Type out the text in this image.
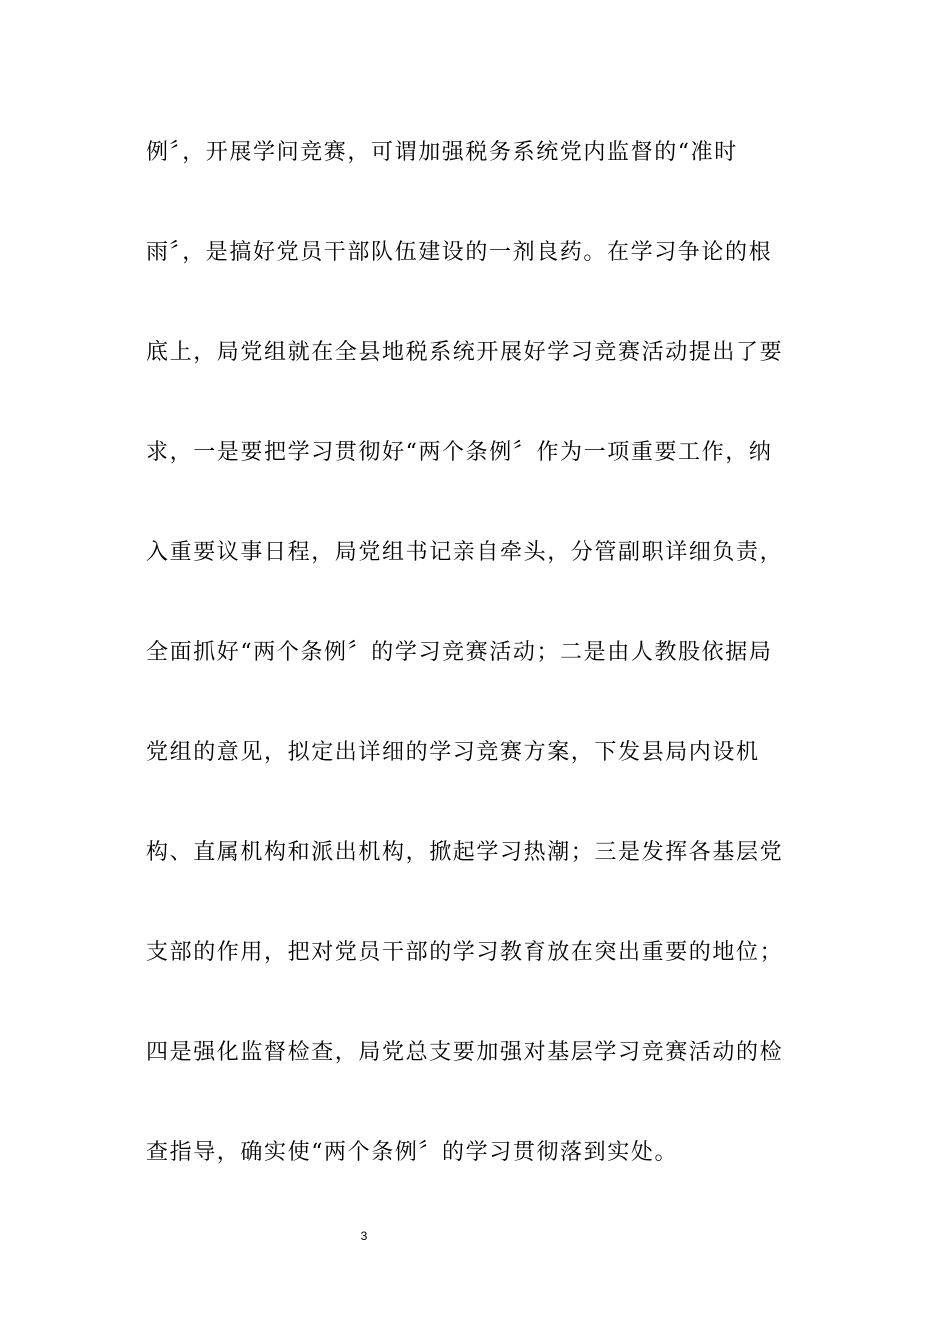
例〞，开展学问竞赛，可谓加强税务系统党内监督的“准时
雨〞，是搞好党员干部队伍建设的一剂良药。在学习争论的根
底上，局党组就在全县地税系统开展好学习竞赛活动提出了要
求，一是要把学习贯彻好“两个条例〞作为一项重要工作，纳
入重要议事日程，局党组书记亲自牵头，分管副职详细负责，
全面抓好“两个条例〞的学习竞赛活动；二是由人教股依据局
党组的意见，拟定出详细的学习竞赛方案，下发县局内设机
构、直属机构和派出机构，掀起学习热潮；三是发挥各基层党
支部的作用，把对党员干部的学习教育放在突出重要的地位；
四是强化监督检查，局党总支要加强对基层学习竞赛活动的检
查指导，确实使“两个条例〞的学习贯彻落到实处。
3
